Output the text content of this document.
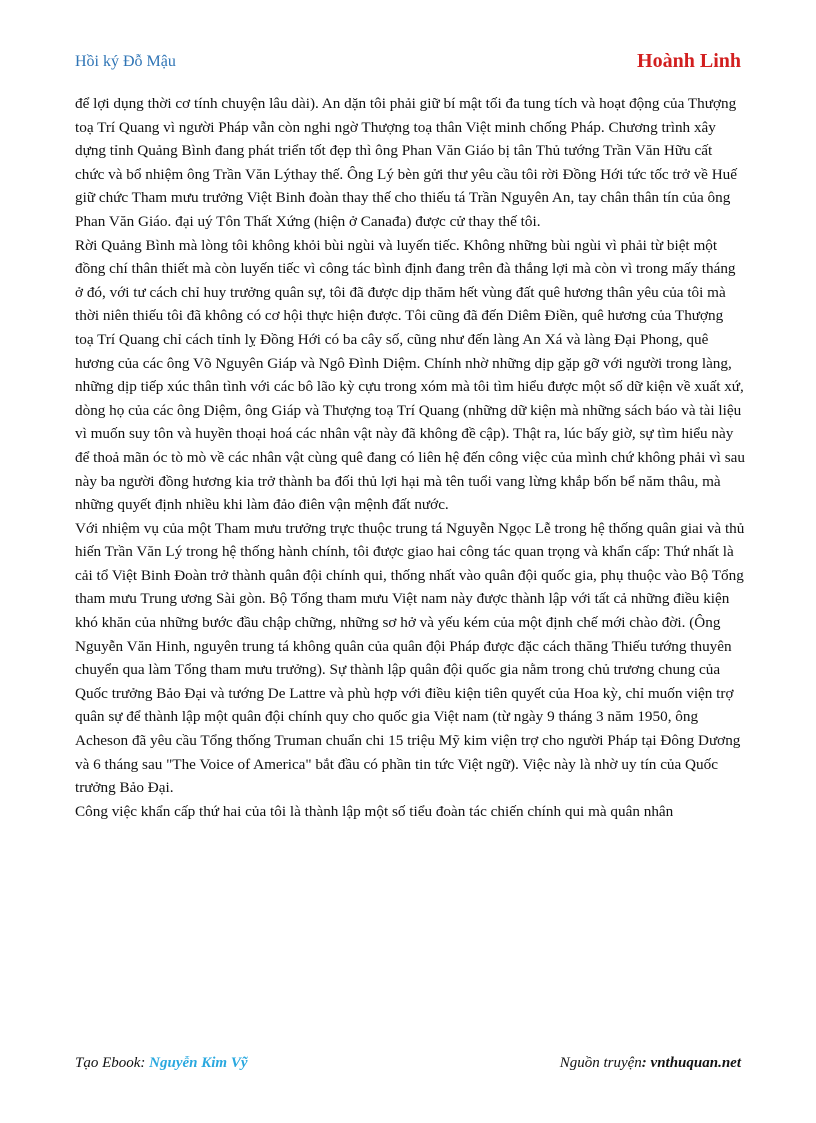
Hồi ký Đỗ Mậu	Hoành Linh

để lợi dụng thời cơ tính chuyện lâu dài). An dặn tôi phải giữ bí mật tối đa tung tích và hoạt động của Thượng toạ Trí Quang vì người Pháp vẫn còn nghi ngờ Thượng toạ thân Việt minh chống Pháp. Chương trình xây dựng tỉnh Quảng Bình đang phát triển tốt đẹp thì ông Phan Văn Giáo bị tân Thủ tướng Trần Văn Hữu cất chức và bổ nhiệm ông Trần Văn Lýthay thế. Ông Lý bèn gửi thư yêu cầu tôi rời Đồng Hới tức tốc trở về Huế giữ chức Tham mưu trưởng Việt Binh đoàn thay thế cho thiếu tá Trần Nguyên An, tay chân thân tín của ông Phan Văn Giáo. đại uý Tôn Thất Xứng (hiện ở Canađa) được cử thay thế tôi.

Rời Quảng Bình mà lòng tôi không khỏi bùi ngùi và luyến tiếc. Không những bùi ngùi vì phải từ biệt một đồng chí thân thiết mà còn luyến tiếc vì công tác bình định đang trên đà thắng lợi mà còn vì trong mấy tháng ở đó, với tư cách chỉ huy trưởng quân sự, tôi đã được dịp thăm hết vùng đất quê hương thân yêu của tôi mà thời niên thiếu tôi đã không có cơ hội thực hiện được. Tôi cũng đã đến Diêm Điền, quê hương của Thượng toạ Trí Quang chỉ cách tỉnh lỵ Đồng Hới có ba cây số, cũng như đến làng An Xá và làng Đại Phong, quê hương của các ông Võ Nguyên Giáp và Ngô Đình Diệm. Chính nhờ những dịp gặp gỡ với người trong làng, những dịp tiếp xúc thân tình với các bô lão kỳ cựu trong xóm mà tôi tìm hiểu được một số dữ kiện về xuất xứ, dòng họ của các ông Diệm, ông Giáp và Thượng toạ Trí Quang (những dữ kiện mà những sách báo và tài liệu vì muốn suy tôn và huyền thoại hoá các nhân vật này đã không đề cập). Thật ra, lúc bấy giờ, sự tìm hiểu này để thoả mãn óc tò mò về các nhân vật cùng quê đang có liên hệ đến công việc của mình chứ không phải vì sau này ba người đồng hương kia trở thành ba đối thủ lợi hại mà tên tuổi vang lừng khắp bốn bể năm thâu, mà những quyết định nhiều khi làm đảo điên vận mệnh đất nước.

Với nhiệm vụ của một Tham mưu trưởng trực thuộc trung tá Nguyễn Ngọc Lễ trong hệ thống quân giai và thủ hiến Trần Văn Lý trong hệ thống hành chính, tôi được giao hai công tác quan trọng và khẩn cấp: Thứ nhất là cải tổ Việt Binh Đoàn trở thành quân đội chính qui, thống nhất vào quân đội quốc gia, phụ thuộc vào Bộ Tổng tham mưu Trung ương Sài gòn. Bộ Tổng tham mưu Việt nam này được thành lập với tất cả những điều kiện khó khăn của những bước đầu chập chững, những sơ hở và yếu kém của một định chế mới chào đời. (Ông Nguyễn Văn Hinh, nguyên trung tá không quân của quân đội Pháp được đặc cách thăng Thiếu tướng thuyên chuyển qua làm Tổng tham mưu trưởng). Sự thành lập quân đội quốc gia nằm trong chủ trương chung của Quốc trưởng Bảo Đại và tướng De Lattre và phù hợp với điều kiện tiên quyết của Hoa kỳ, chỉ muốn viện trợ quân sự để thành lập một quân đội chính quy cho quốc gia Việt nam (từ ngày 9 tháng 3 năm 1950, ông Acheson đã yêu cầu Tổng thống Truman chuẩn chi 15 triệu Mỹ kim viện trợ cho người Pháp tại Đông Dương và 6 tháng sau "The Voice of America" bắt đầu có phần tin tức Việt ngữ). Việc này là nhờ uy tín của Quốc trưởng Bảo Đại.

Công việc khẩn cấp thứ hai của tôi là thành lập một số tiểu đoàn tác chiến chính qui mà quân nhân

Tạo Ebook: Nguyễn Kim Vỹ	Nguồn truyện: vnthuquan.net
